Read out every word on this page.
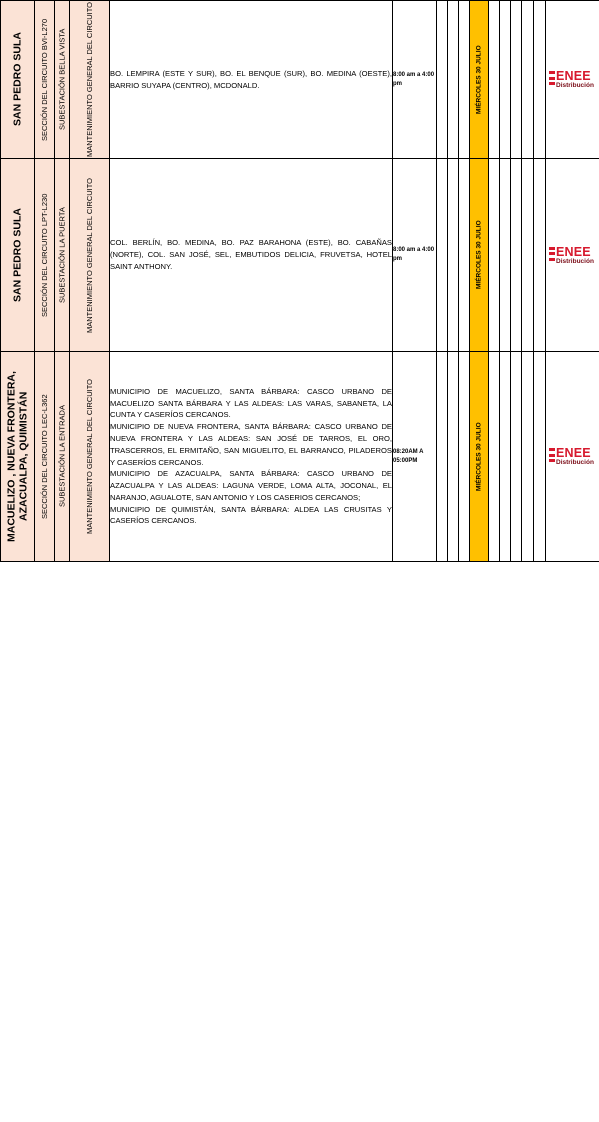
SAN PEDRO SULA	SECCIÓN DEL CIRCUITO BVI-L270	SUBESTACIÓN BELLA VISTA	MANTENIMIENTO GENERAL DEL CIRCUITO	BO. LEMPIRA (ESTE Y SUR), BO. EL BENQUE (SUR), BO. MEDINA (OESTE), BARRIO SUYAPA (CENTRO), MCDONALD.	8:00 am a 4:00 pm				MIÉRCOLES 30 JULIO						ENEE
Distribución

SAN PEDRO SULA	SECCIÓN DEL CIRCUITO LPT-L230	SUBESTACIÓN LA PUERTA	MANTENIMIENTO GENERAL DEL CIRCUITO	COL. BERLÍN, BO. MEDINA, BO. PAZ BARAHONA (ESTE), BO. CABAÑAS (NORTE), COL. SAN JOSÉ, SEL, EMBUTIDOS DELICIA, FRUVETSA, HOTEL SAINT ANTHONY.	8:00 am a 4:00 pm				MIÉRCOLES 30 JULIO						ENEE
Distribución

MACUELIZO , NUEVA FRONTERA, AZACUALPA, QUIMISTÁN	SECCIÓN DEL CIRCUITO LEC-L362	SUBESTACIÓN LA ENTRADA	MANTENIMIENTO GENERAL DEL CIRCUITO	MUNICIPIO DE MACUELIZO, SANTA BÁRBARA: CASCO URBANO DE MACUELIZO SANTA BÁRBARA Y LAS ALDEAS: LAS VARAS, SABANETA, LA CUNTA Y CASERÍOS CERCANOS.
MUNICIPIO DE NUEVA FRONTERA, SANTA BÁRBARA: CASCO URBANO DE NUEVA FRONTERA Y LAS ALDEAS: SAN JOSÉ DE TARROS, EL ORO, TRASCERROS, EL ERMITAÑO, SAN MIGUELITO, EL BARRANCO, PILADEROS Y CASERÍOS CERCANOS.
MUNICIPIO DE AZACUALPA, SANTA BÁRBARA: CASCO URBANO DE AZACUALPA Y LAS ALDEAS: LAGUNA VERDE, LOMA ALTA, JOCONAL, EL NARANJO, AGUALOTE, SAN ANTONIO Y LOS CASERIOS CERCANOS;
MUNICIPIO DE QUIMISTÁN, SANTA BÁRBARA: ALDEA LAS CRUSITAS Y CASERÍOS CERCANOS.	08:20AM A 05:00PM				MIÉRCOLES 30 JULIO						ENEE
Distribución
